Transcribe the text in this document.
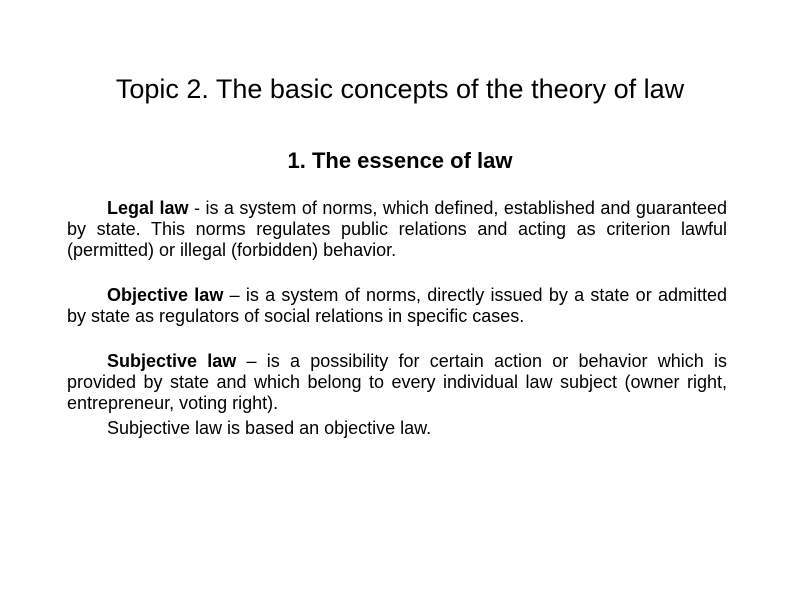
Topic 2. The basic concepts of the theory of law
1. The essence of law

Legal law - is a system of norms, which defined, established and guaranteed by state. This norms regulates public relations and acting as criterion lawful (permitted) or illegal (forbidden) behavior.

Objective law – is a system of norms, directly issued by a state or admitted by state as regulators of social relations in specific cases.

Subjective law – is a possibility for certain action or behavior which is provided by state and which belong to every individual law subject (owner right, entrepreneur, voting right).

Subjective law is based an objective law.
